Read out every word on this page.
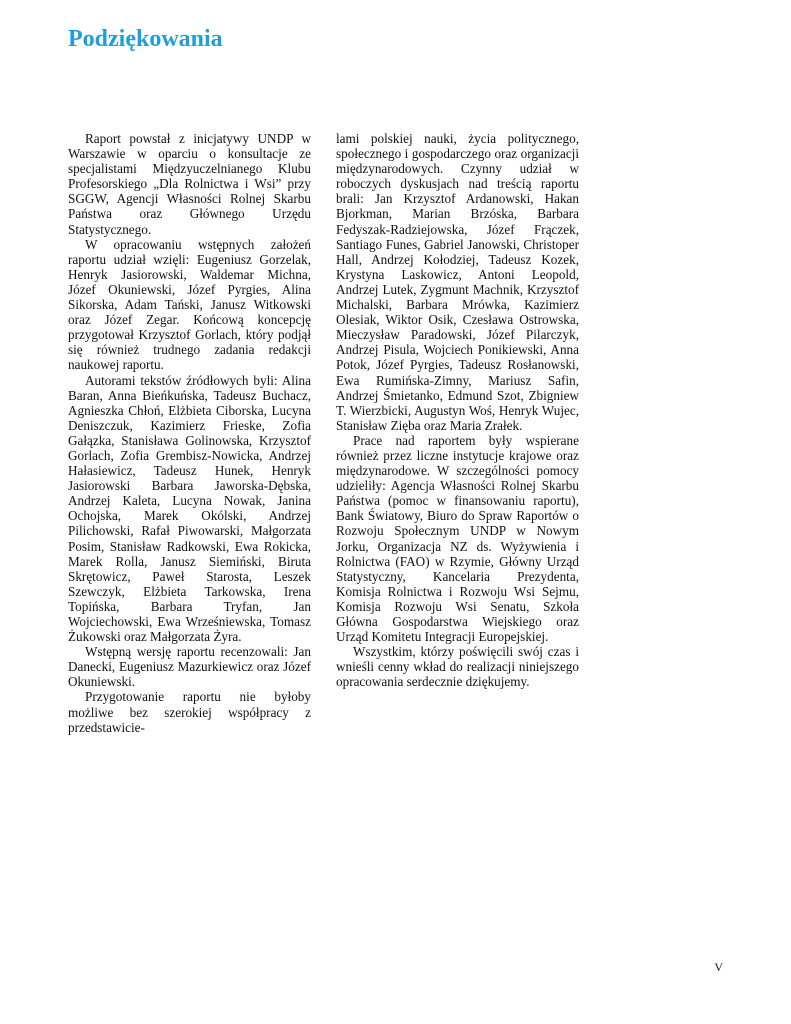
Podziękowania

Raport powstał z inicjatywy UNDP w Warszawie w oparciu o konsultacje ze specjalistami Międzyuczelnianego Klubu Profesorskiego „Dla Rolnictwa i Wsi” przy SGGW, Agencji Własności Rolnej Skarbu Państwa oraz Głównego Urzędu Statystycznego.

W opracowaniu wstępnych założeń raportu udział wzięli: Eugeniusz Gorzelak, Henryk Jasiorowski, Waldemar Michna, Józef Okuniewski, Józef Pyrgies, Alina Sikorska, Adam Tański, Janusz Witkowski oraz Józef Zegar. Końcową koncepcję przygotował Krzysztof Gorlach, który podjął się również trudnego zadania redakcji naukowej raportu.

Autorami tekstów źródłowych byli: Alina Baran, Anna Bieńkuńska, Tadeusz Buchacz, Agnieszka Chłoń, Elżbieta Ciborska, Lucyna Deniszczuk, Kazimierz Frieske, Zofia Gałązka, Stanisława Golinowska, Krzysztof Gorlach, Zofia Grembisz-Nowicka, Andrzej Hałasiewicz, Tadeusz Hunek, Henryk Jasiorowski Barbara Jaworska-Dębska, Andrzej Kaleta, Lucyna Nowak, Janina Ochojska, Marek Okólski, Andrzej Pilichowski, Rafał Piwowarski, Małgorzata Posim, Stanisław Radkowski, Ewa Rokicka, Marek Rolla, Janusz Siemiński, Biruta Skrętowicz, Paweł Starosta, Leszek Szewczyk, Elżbieta Tarkowska, Irena Topińska, Barbara Tryfan, Jan Wojciechowski, Ewa Wrześniewska, Tomasz Żukowski oraz Małgorzata Żyra.

Wstępną wersję raportu recenzowali: Jan Danecki, Eugeniusz Mazurkiewicz oraz Józef Okuniewski.

Przygotowanie raportu nie byłoby możliwe bez szerokiej współpracy z przedstawicie-

lami polskiej nauki, życia politycznego, społecznego i gospodarczego oraz organizacji międzynarodowych. Czynny udział w roboczych dyskusjach nad treścią raportu brali: Jan Krzysztof Ardanowski, Hakan Bjorkman, Marian Brzóska, Barbara Fedyszak-Radziejowska, Józef Frączek, Santiago Funes, Gabriel Janowski, Christoper Hall, Andrzej Kołodziej, Tadeusz Kozek, Krystyna Laskowicz, Antoni Leopold, Andrzej Lutek, Zygmunt Machnik, Krzysztof Michalski, Barbara Mrówka, Kazimierz Olesiak, Wiktor Osik, Czesława Ostrowska, Mieczysław Paradowski, Józef Pilarczyk, Andrzej Pisula, Wojciech Ponikiewski, Anna Potok, Józef Pyrgies, Tadeusz Rosłanowski, Ewa Rumińska-Zimny, Mariusz Safin, Andrzej Śmietanko, Edmund Szot, Zbigniew T. Wierzbicki, Augustyn Woś, Henryk Wujec, Stanisław Zięba oraz Maria Zrałek.

Prace nad raportem były wspierane również przez liczne instytucje krajowe oraz międzynarodowe. W szczególności pomocy udzieliły: Agencja Własności Rolnej Skarbu Państwa (pomoc w finansowaniu raportu), Bank Światowy, Biuro do Spraw Raportów o Rozwoju Społecznym UNDP w Nowym Jorku, Organizacja NZ ds. Wyżywienia i Rolnictwa (FAO) w Rzymie, Główny Urząd Statystyczny, Kancelaria Prezydenta, Komisja Rolnictwa i Rozwoju Wsi Sejmu, Komisja Rozwoju Wsi Senatu, Szkoła Główna Gospodarstwa Wiejskiego oraz Urząd Komitetu Integracji Europejskiej.

Wszystkim, którzy poświęcili swój czas i wnieśli cenny wkład do realizacji niniejszego opracowania serdecznie dziękujemy.

V
